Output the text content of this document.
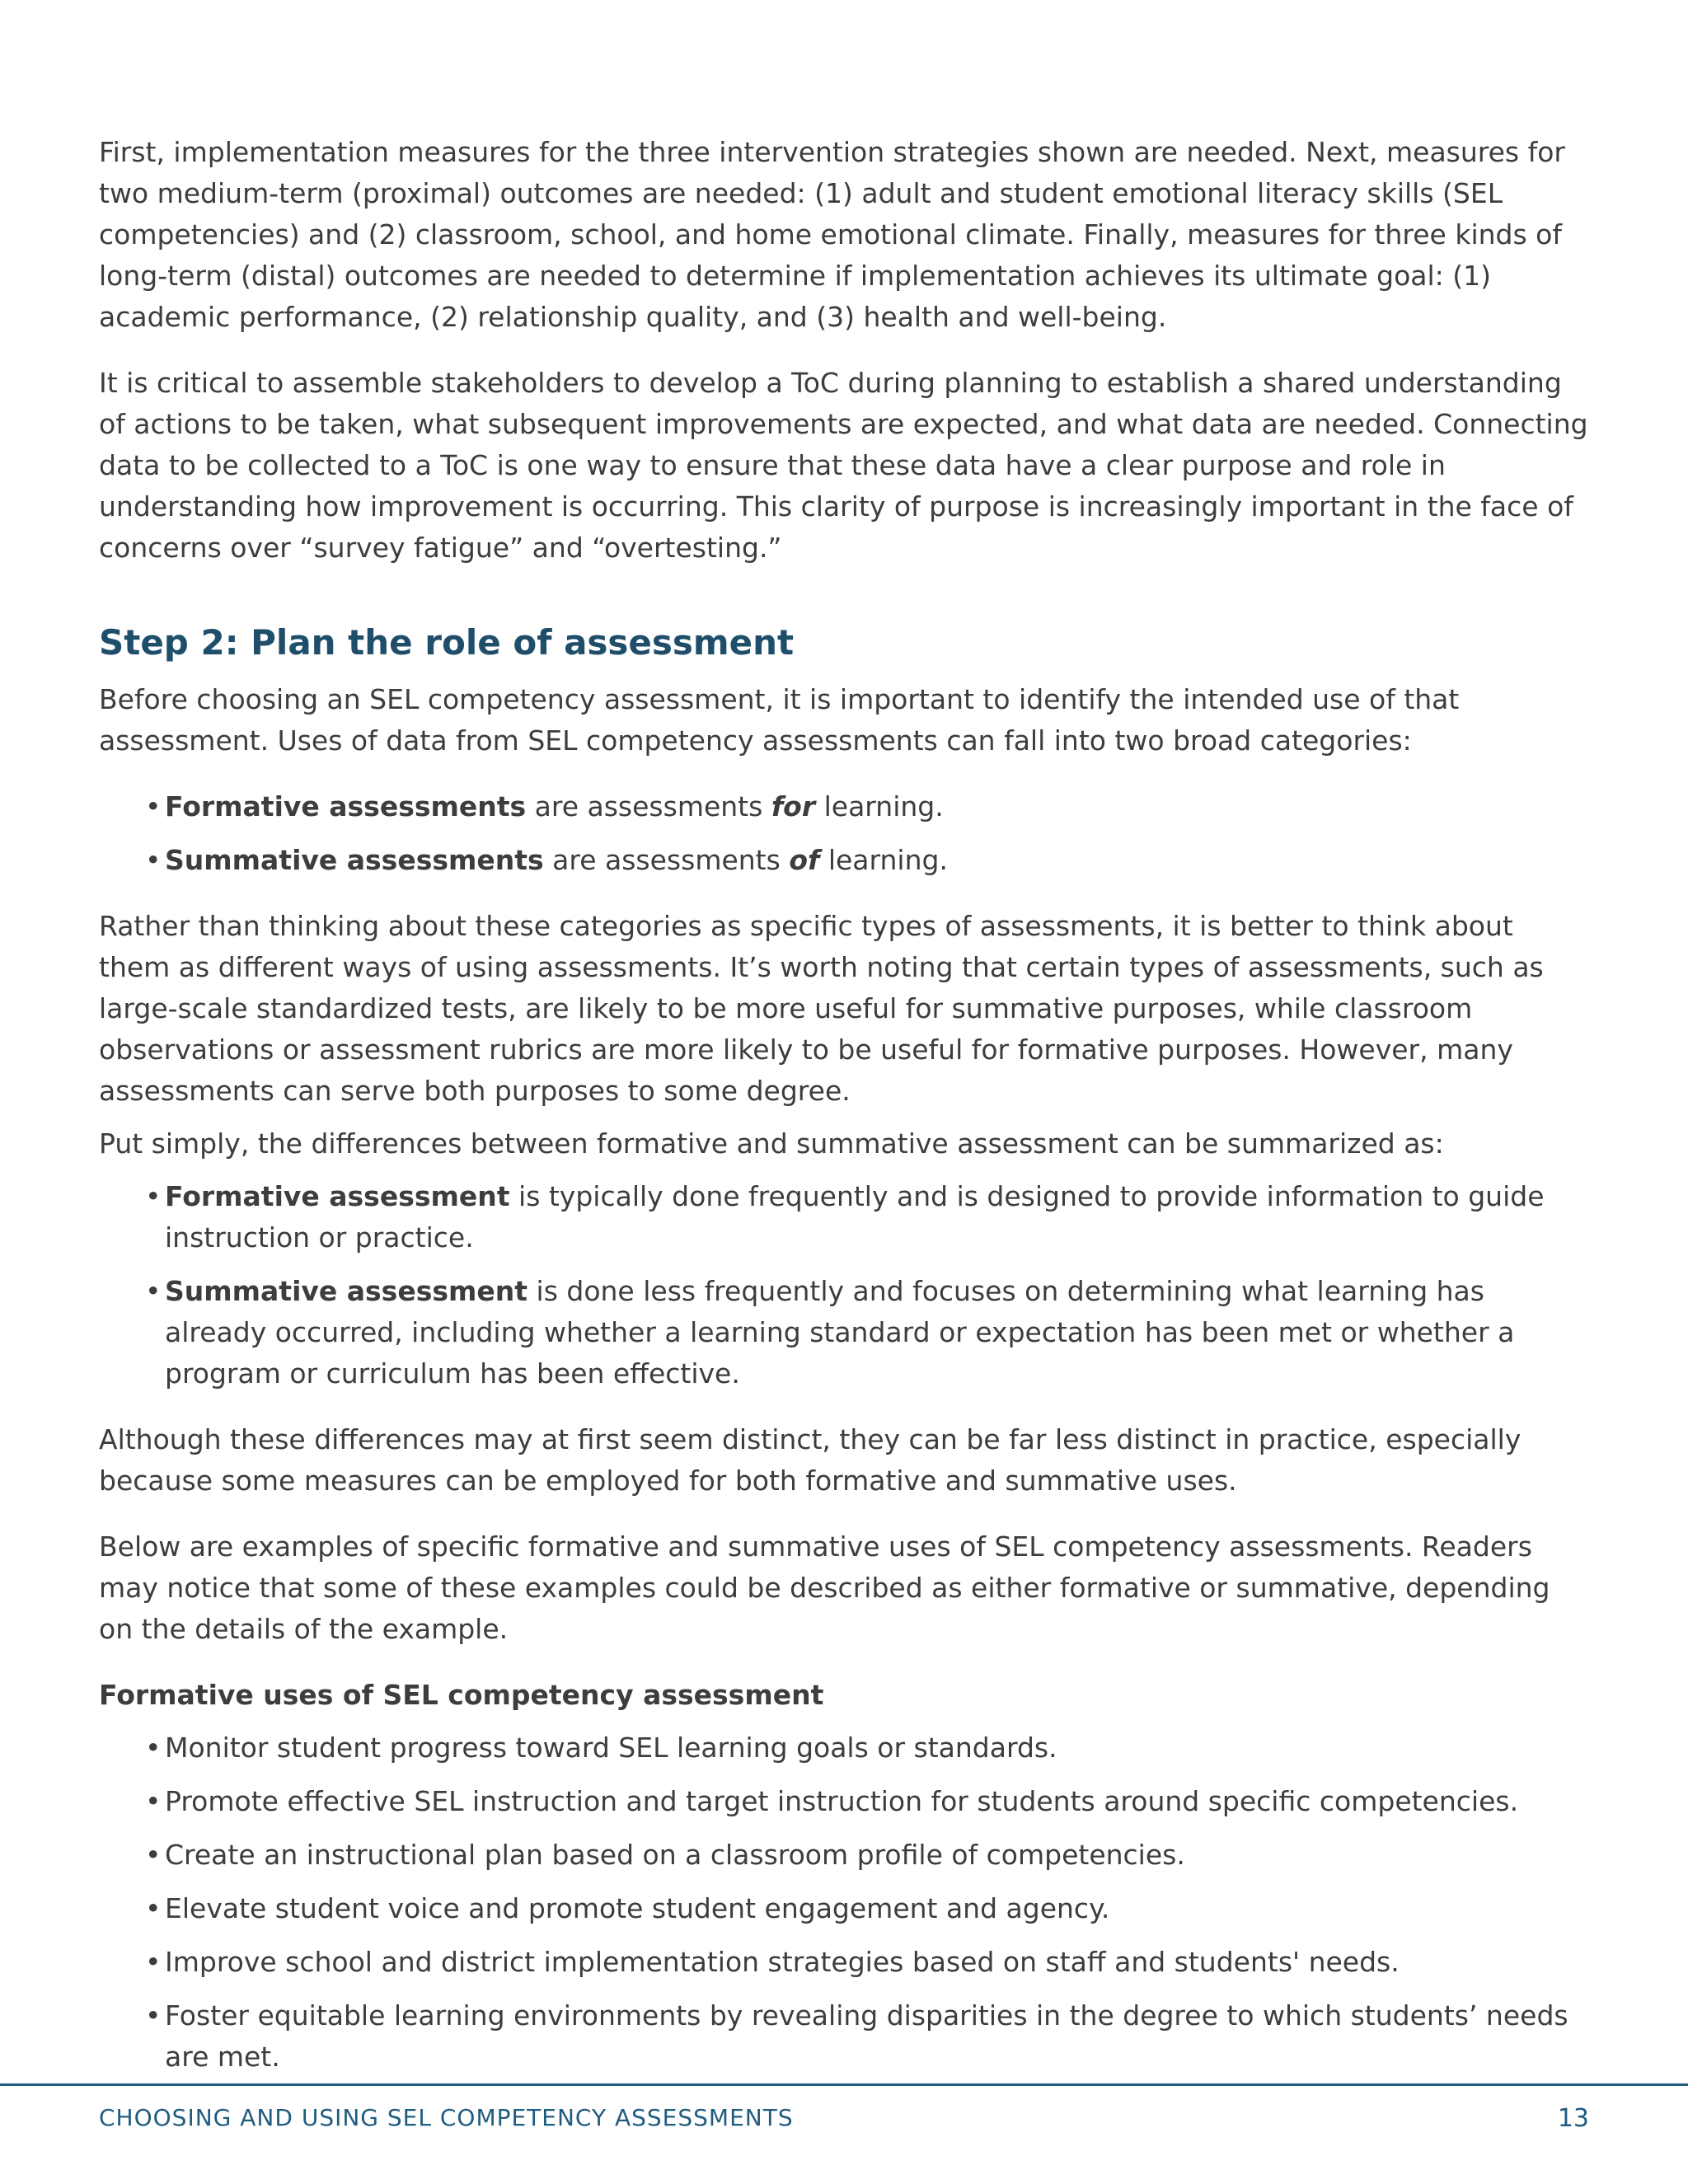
First, implementation measures for the three intervention strategies shown are needed. Next, measures for two medium-term (proximal) outcomes are needed: (1) adult and student emotional literacy skills (SEL competencies) and (2) classroom, school, and home emotional climate. Finally, measures for three kinds of long-term (distal) outcomes are needed to determine if implementation achieves its ultimate goal: (1) academic performance, (2) relationship quality, and (3) health and well-being.

It is critical to assemble stakeholders to develop a ToC during planning to establish a shared understanding of actions to be taken, what subsequent improvements are expected, and what data are needed. Connecting data to be collected to a ToC is one way to ensure that these data have a clear purpose and role in understanding how improvement is occurring. This clarity of purpose is increasingly important in the face of concerns over “survey fatigue” and “overtesting.”

Step 2: Plan the role of assessment

Before choosing an SEL competency assessment, it is important to identify the intended use of that assessment. Uses of data from SEL competency assessments can fall into two broad categories:

• Formative assessments are assessments for learning.
• Summative assessments are assessments of learning.

Rather than thinking about these categories as specific types of assessments, it is better to think about them as different ways of using assessments. It’s worth noting that certain types of assessments, such as large-scale standardized tests, are likely to be more useful for summative purposes, while classroom observations or assessment rubrics are more likely to be useful for formative purposes. However, many assessments can serve both purposes to some degree.

Put simply, the differences between formative and summative assessment can be summarized as:

• Formative assessment is typically done frequently and is designed to provide information to guide instruction or practice.
• Summative assessment is done less frequently and focuses on determining what learning has already occurred, including whether a learning standard or expectation has been met or whether a program or curriculum has been effective.

Although these differences may at first seem distinct, they can be far less distinct in practice, especially because some measures can be employed for both formative and summative uses.

Below are examples of specific formative and summative uses of SEL competency assessments. Readers may notice that some of these examples could be described as either formative or summative, depending on the details of the example.

Formative uses of SEL competency assessment
• Monitor student progress toward SEL learning goals or standards.
• Promote effective SEL instruction and target instruction for students around specific competencies.
• Create an instructional plan based on a classroom profile of competencies.
• Elevate student voice and promote student engagement and agency.
• Improve school and district implementation strategies based on staff and students' needs.
• Foster equitable learning environments by revealing disparities in the degree to which students’ needs are met.
CHOOSING AND USING SEL COMPETENCY ASSESSMENTS	13
